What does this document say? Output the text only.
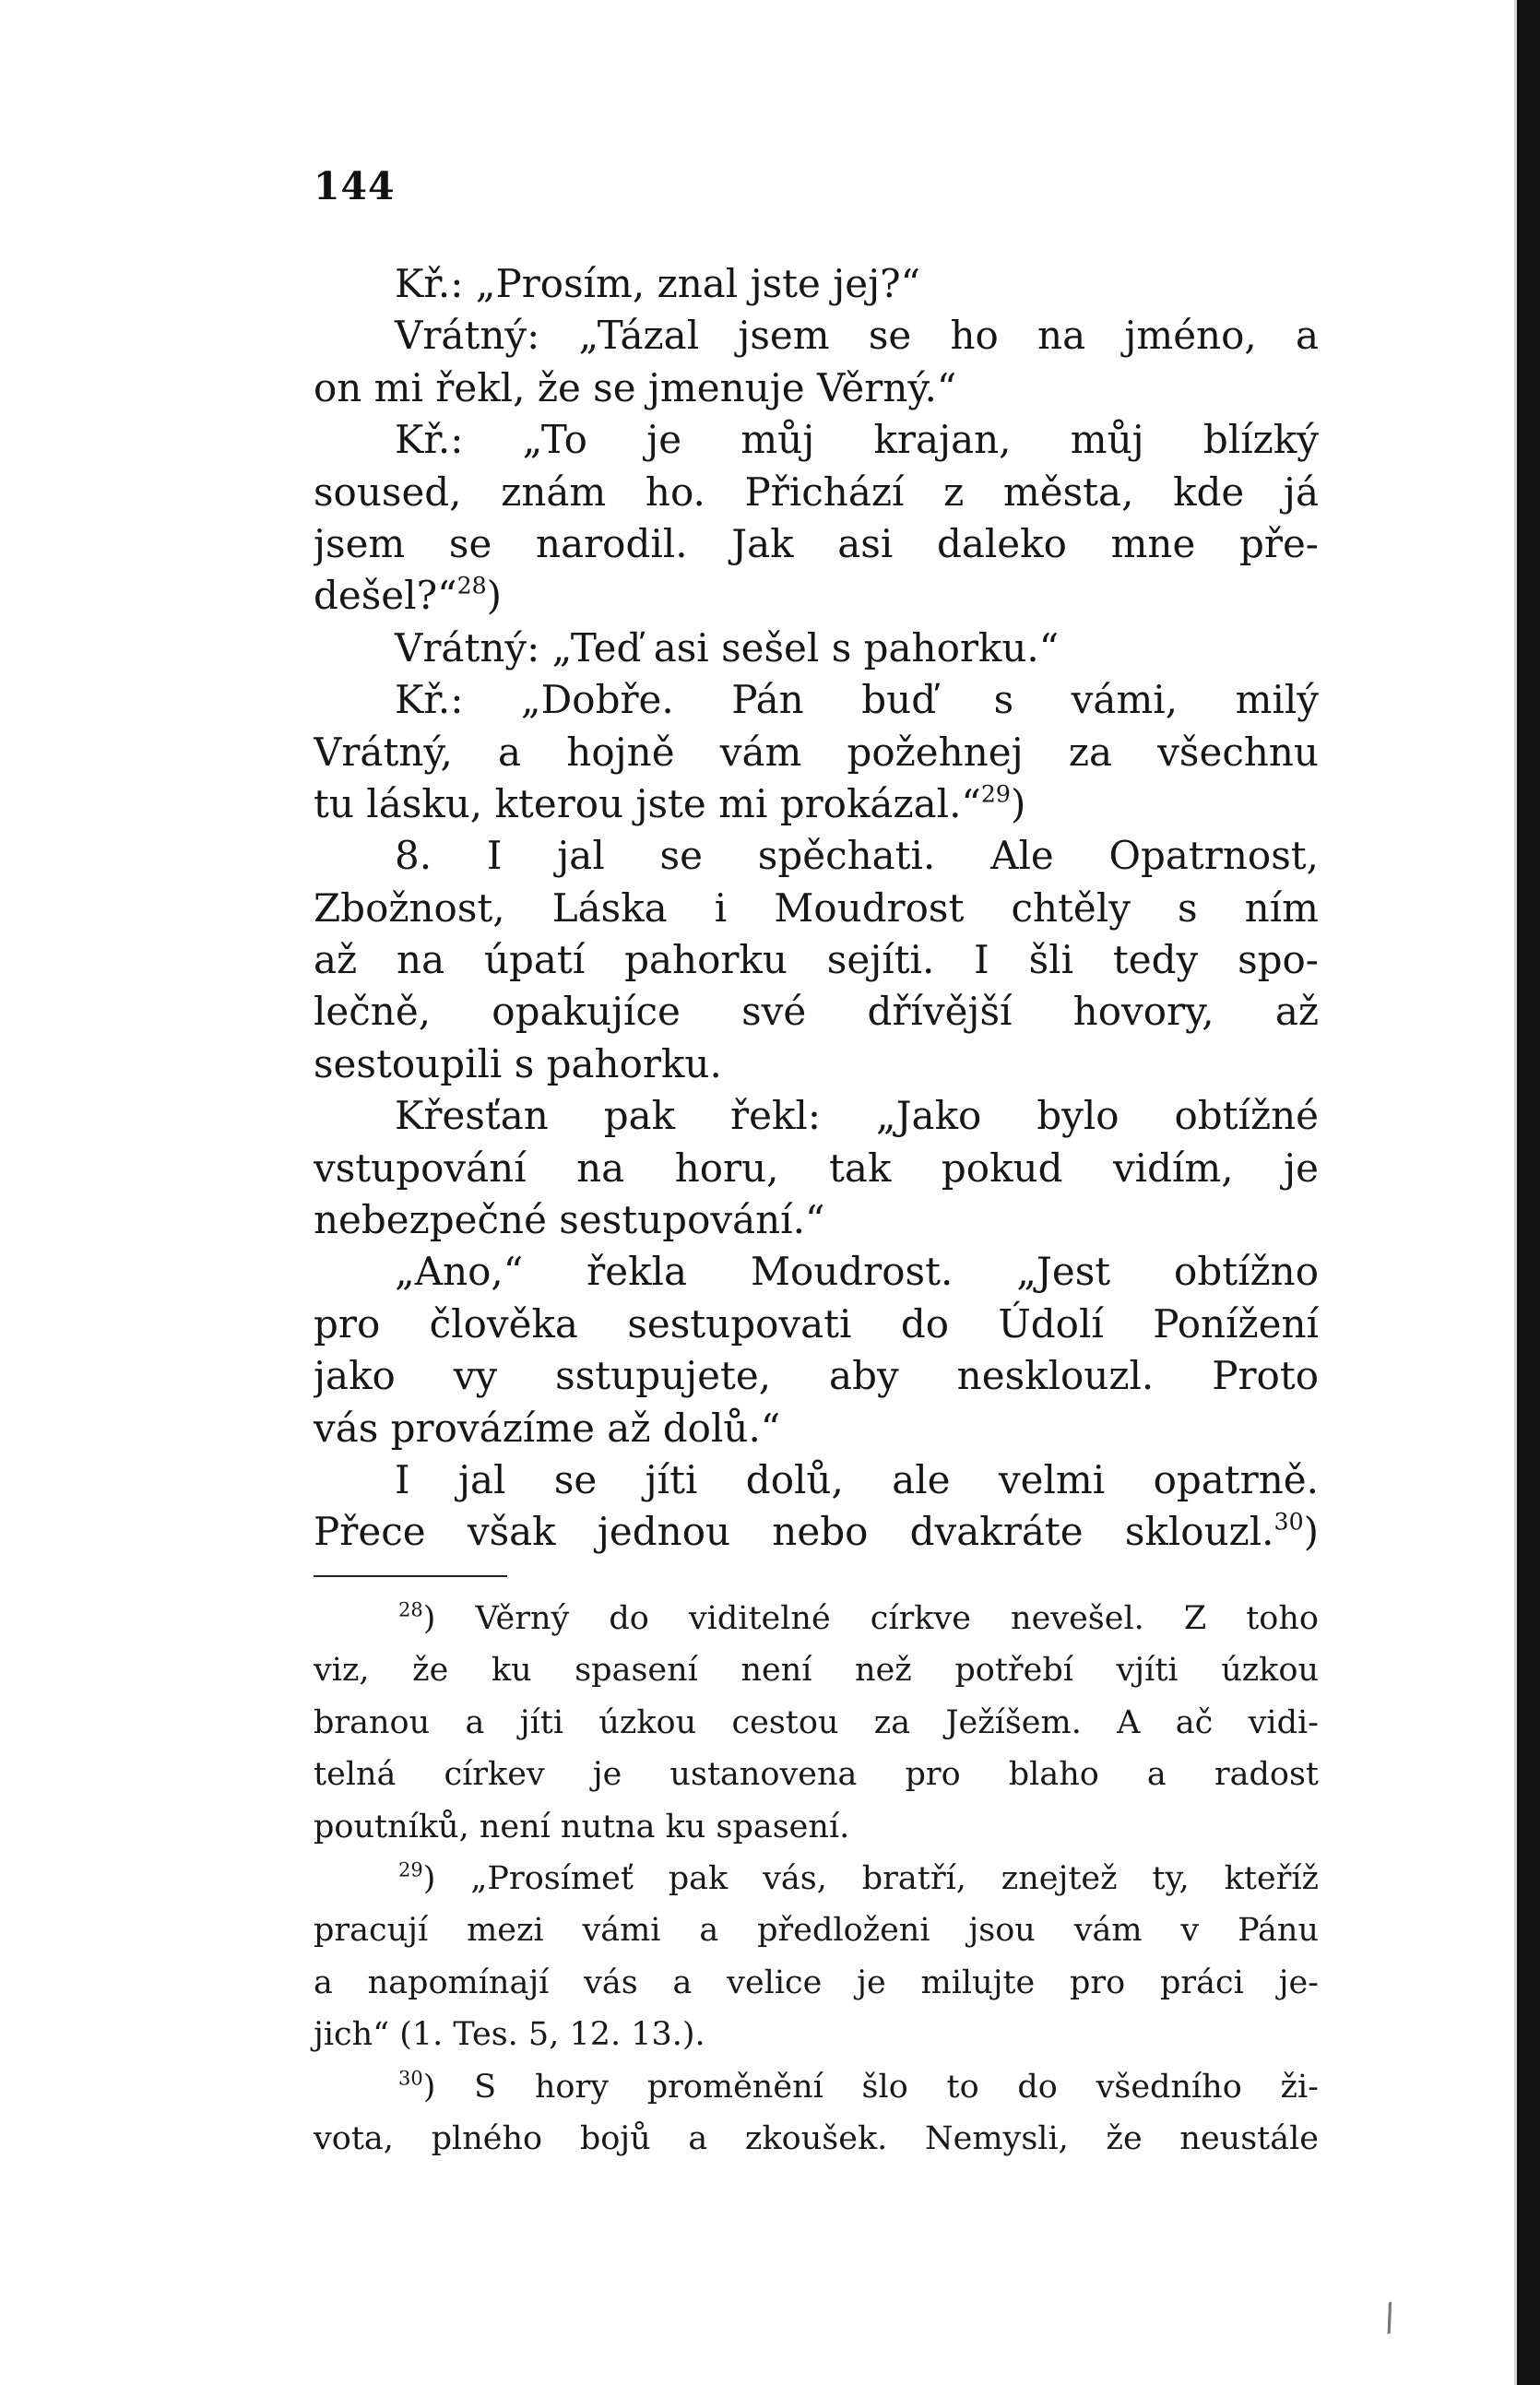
144
Kř.: „Prosím, znal jste jej?“
Vrátný: „Tázal jsem se ho na jméno, a
on mi řekl, že se jmenuje Věrný.“
Kř.: „To je můj krajan, můj blízký
soused, znám ho. Přichází z města, kde já
jsem se narodil. Jak asi daleko mne pře-
dešel?“$^{28}$)
Vrátný: „Teď asi sešel s pahorku.“
Kř.: „Dobře. Pán buď s vámi, milý
Vrátný, a hojně vám požehnej za všechnu
tu lásku, kterou jste mi prokázal.“$^{29}$)
8. I jal se spěchati. Ale Opatrnost,
Zbožnost, Láska i Moudrost chtěly s ním
až na úpatí pahorku sejíti. I šli tedy spo-
lečně, opakujíce své dřívější hovory, až
sestoupili s pahorku.
Křesťan pak řekl: „Jako bylo obtížné
vstupování na horu, tak pokud vidím, je
nebezpečné sestupování.“
„Ano,“ řekla Moudrost. „Jest obtížno
pro člověka sestupovati do Údolí Ponížení
jako vy sstupujete, aby nesklouzl. Proto
vás provázíme až dolů.“
I jal se jíti dolů, ale velmi opatrně.
Přece však jednou nebo dvakráte sklouzl.$^{30}$)
$^{28}$) Věrný do viditelné církve nevešel. Z toho
viz, že ku spasení není než potřebí vjíti úzkou
branou a jíti úzkou cestou za Ježíšem. A ač vidi-
telná církev je ustanovena pro blaho a radost
poutníků, není nutna ku spasení.
$^{29}$) „Prosímeť pak vás, bratří, znejtež ty, kteříž
pracují mezi vámi a předloženi jsou vám v Pánu
a napomínají vás a velice je milujte pro práci je-
jich“ (1. Tes. 5, 12. 13.).
$^{30}$) S hory proměnění šlo to do všedního ži-
vota, plného bojů a zkoušek. Nemysli, že neustále
/
